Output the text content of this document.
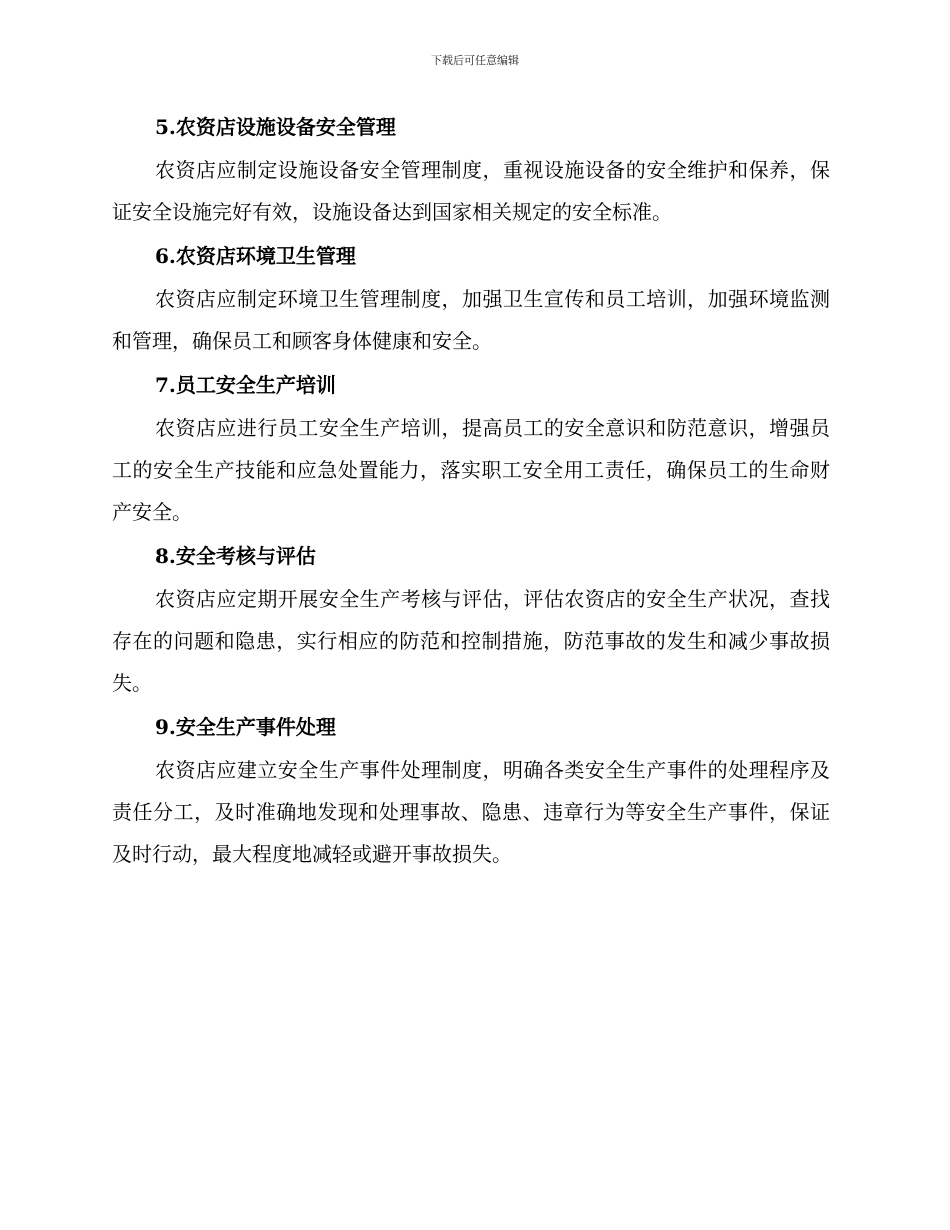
下载后可任意编辑

5.农资店设施设备安全管理

农资店应制定设施设备安全管理制度，重视设施设备的安全维护和保养，保证安全设施完好有效，设施设备达到国家相关规定的安全标准。

6.农资店环境卫生管理

农资店应制定环境卫生管理制度，加强卫生宣传和员工培训，加强环境监测和管理，确保员工和顾客身体健康和安全。

7.员工安全生产培训

农资店应进行员工安全生产培训，提高员工的安全意识和防范意识，增强员工的安全生产技能和应急处置能力，落实职工安全用工责任，确保员工的生命财产安全。

8.安全考核与评估

农资店应定期开展安全生产考核与评估，评估农资店的安全生产状况，查找存在的问题和隐患，实行相应的防范和控制措施，防范事故的发生和减少事故损失。

9.安全生产事件处理

农资店应建立安全生产事件处理制度，明确各类安全生产事件的处理程序及责任分工，及时准确地发现和处理事故、隐患、违章行为等安全生产事件，保证及时行动，最大程度地减轻或避开事故损失。
